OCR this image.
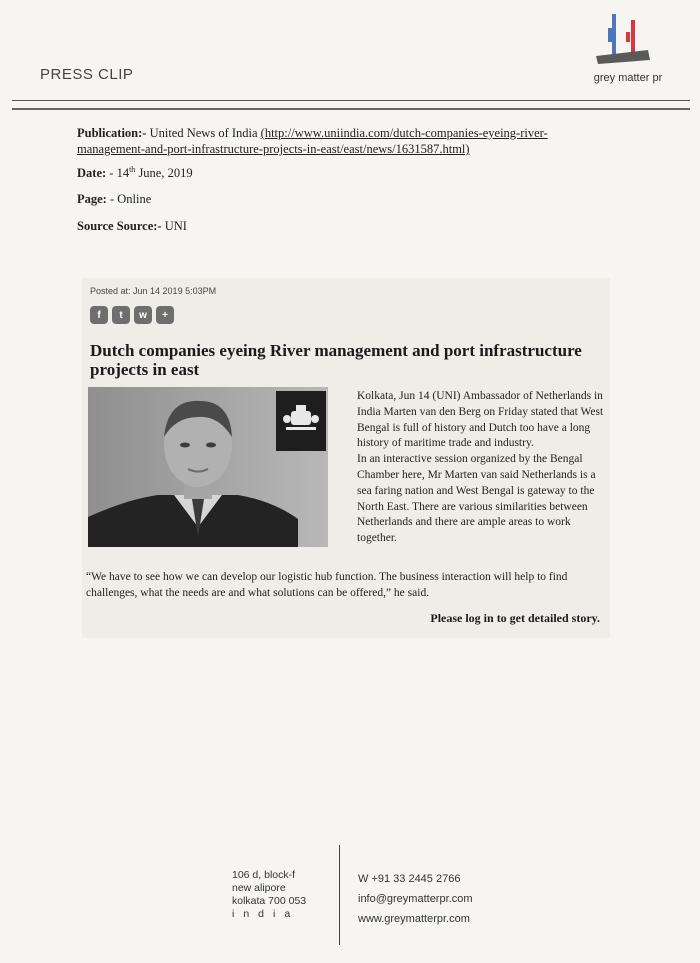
PRESS CLIP	grey matter pr
Publication:- United News of India (http://www.uniindia.com/dutch-companies-eyeing-river-management-and-port-infrastructure-projects-in-east/east/news/1631587.html)
Date: - 14th June, 2019
Page: - Online
Source Source:- UNI
Posted at: Jun 14 2019 5:03PM
f	t	w	+
Dutch companies eyeing River management and port infrastructure projects in east
Kolkata, Jun 14 (UNI) Ambassador of Netherlands in India Marten van den Berg on Friday stated that West Bengal is full of history and Dutch too have a long history of maritime trade and industry.
In an interactive session organized by the Bengal Chamber here, Mr Marten van said Netherlands is a sea faring nation and West Bengal is gateway to the North East. There are various similarities between Netherlands and there are ample areas to work together.
“We have to see how we can develop our logistic hub function. The business interaction will help to find challenges, what the needs are and what solutions can be offered,” he said.
Please log in to get detailed story.
106 d, block-f
new alipore
kolkata 700 053
india
W +91 33 2445 2766
info@greymatterpr.com
www.greymatterpr.com
